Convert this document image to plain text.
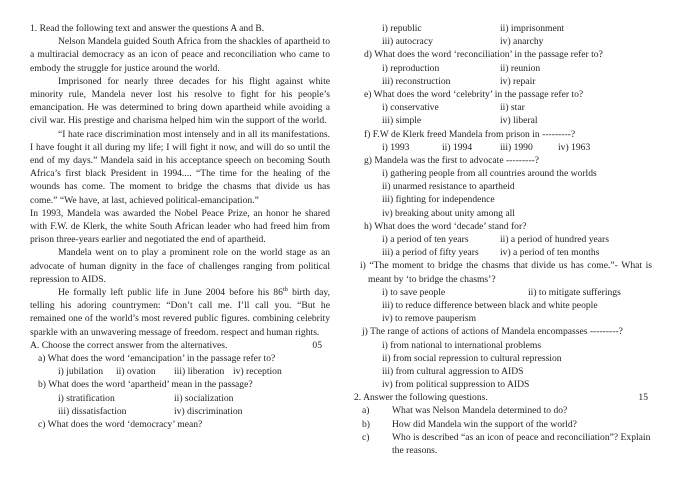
1. Read the following text and answer the questions A and B.

Nelson Mandela guided South Africa from the shackles of apartheid to a multiracial democracy as an icon of peace and reconciliation who came to embody the struggle for justice around the world.

Imprisoned for nearly three decades for his flight against white minority rule, Mandela never lost his resolve to fight for his people’s emancipation. He was determined to bring down apartheid while avoiding a civil war. His prestige and charisma helped him win the support of the world.

“I hate race discrimination most intensely and in all its manifestations. I have fought it all during my life; I will fight it now, and will do so until the end of my days.” Mandela said in his acceptance speech on becoming South Africa’s first black President in 1994.... “The time for the healing of the wounds has come. The moment to bridge the chasms that divide us has come.” “We have, at last, achieved political-emancipation.”

In 1993, Mandela was awarded the Nobel Peace Prize, an honor he shared with F.W. de Klerk, the white South African leader who had freed him from prison three-years earlier and negotiated the end of apartheid.

Mandela went on to play a prominent role on the world stage as an advocate of human dignity in the face of challenges ranging from political repression to AIDS.

He formally left public life in June 2004 before his 86th birth day, telling his adoring countrymen: “Don’t call me. I’ll call you. “But he remained one of the world’s most revered public figures. combining celebrity sparkle with an unwavering message of freedom. respect and human rights.

A. Choose the correct answer from the alternatives.	05
a) What does the word ‘emancipation’ in the passage refer to?
i) jubilation ii) ovation iii) liberation iv) reception
b) What does the word ‘apartheid’ mean in the passage?
i) stratification	ii) socialization
iii) dissatisfaction	iv) discrimination
c) What does the word ‘democracy’ mean?
i) republic	ii) imprisonment
iii) autocracy	iv) anarchy
d) What does the word ‘reconciliation’ in the passage refer to?
i) reproduction	ii) reunion
iii) reconstruction	iv) repair
e) What does the word ‘celebrity’ in the passage refer to?
i) conservative	ii) star
iii) simple	iv) liberal
f) F.W de Klerk freed Mandela from prison in ---------?
i) 1993	ii) 1994	iii) 1990	iv) 1963
g) Mandela was the first to advocate ---------?
i) gathering people from all countries around the worlds
ii) unarmed resistance to apartheid
iii) fighting for independence
iv) breaking about unity among all
h) What does the word ‘decade’ stand for?
i) a period of ten years	ii) a period of hundred years
iii) a period of fifty years iv) a period of ten months

i) “The moment to bridge the chasms that divide us has come.”- What is meant by ‘to bridge the chasms’?

i) to save people	ii) to mitigate sufferings
iii) to reduce difference between black and white people
iv) to remove pauperism
j) The range of actions of actions of Mandela encompasses ---------?
i) from national to international problems
ii) from social repression to cultural repression
iii) from cultural aggression to AIDS
iv) from political suppression to AIDS
2. Answer the following questions.	15
a)	What was Nelson Mandela determined to do?
b)	How did Mandela win the support of the world?
c)	Who is described “as an icon of peace and reconciliation”? Explain the reasons.
